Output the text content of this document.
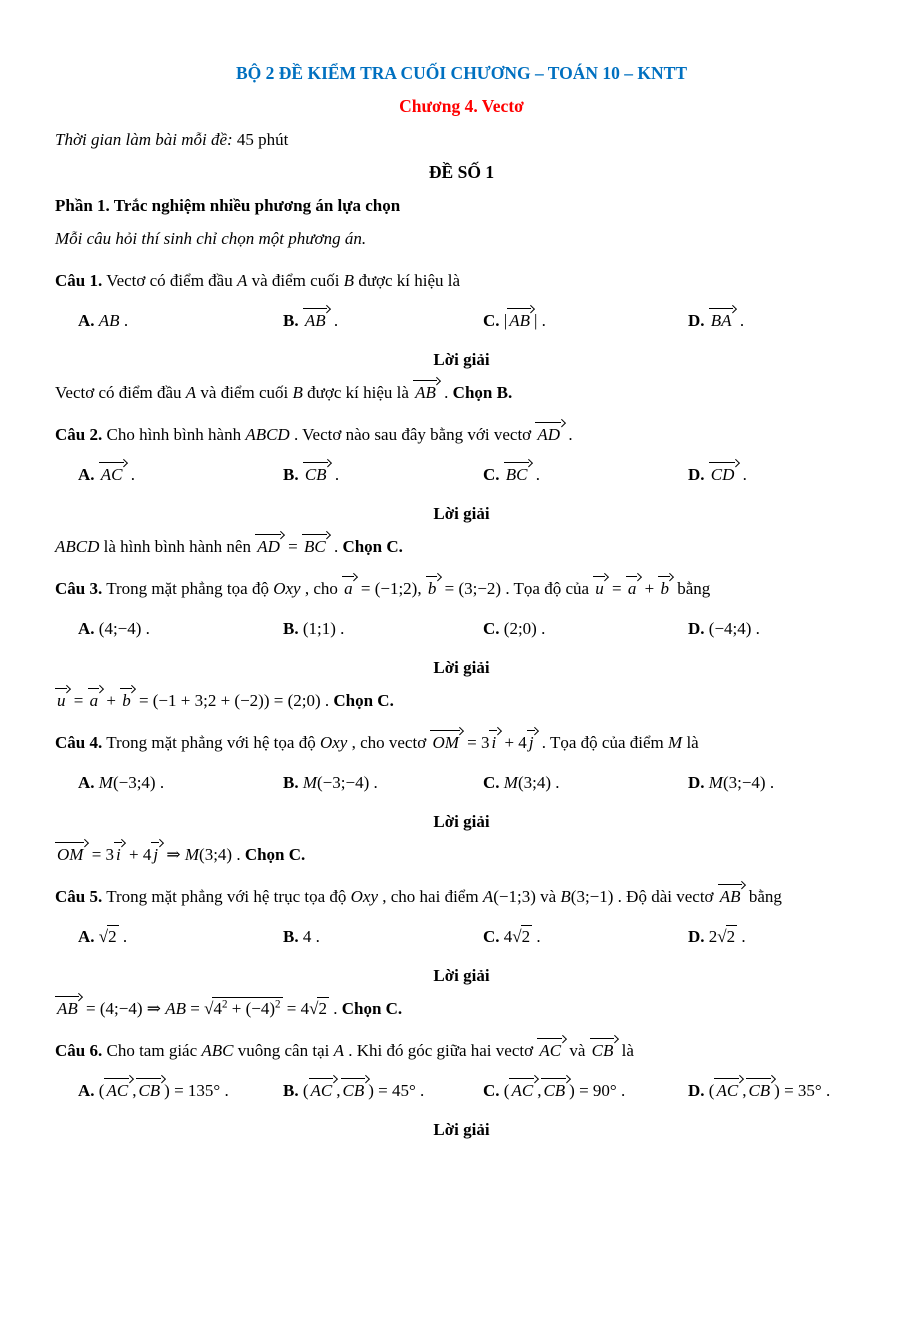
BỘ 2 ĐỀ KIỂM TRA CUỐI CHƯƠNG – TOÁN 10 – KNTT

Chương 4. Vectơ

Thời gian làm bài mỗi đề: 45 phút

ĐỀ SỐ 1

Phần 1. Trắc nghiệm nhiều phương án lựa chọn

Mỗi câu hỏi thí sinh chỉ chọn một phương án.

Câu 1. Vectơ có điểm đầu A và điểm cuối B được kí hiệu là

A. AB .	B. AB .	C. | AB | .	D. BA .

Lời giải

Vectơ có điểm đầu A và điểm cuối B được kí hiệu là AB . Chọn B.

Câu 2. Cho hình bình hành ABCD . Vectơ nào sau đây bằng với vectơ AD .

A. AC .	B. CB .	C. BC .	D. CD .

Lời giải

ABCD là hình bình hành nên AD = BC . Chọn C.

Câu 3. Trong mặt phẳng tọa độ Oxy , cho a = (−1;2), b = (3;−2) . Tọa độ của u = a + b bằng

A. (4;−4) .	B. (1;1) .	C. (2;0) .	D. (−4;4) .

Lời giải

u = a + b = (−1 + 3;2 + (−2)) = (2;0) . Chọn C.

Câu 4. Trong mặt phẳng với hệ tọa độ Oxy , cho vectơ OM = 3 i + 4 j . Tọa độ của điểm M là

A. M(−3;4) .	B. M(−3;−4) .	C. M(3;4) .	D. M(3;−4) .

Lời giải

OM = 3 i + 4 j ⇒ M(3;4) . Chọn C.

Câu 5. Trong mặt phẳng với hệ trục tọa độ Oxy , cho hai điểm A(−1;3) và B(3;−1) . Độ dài vectơ AB bằng

A. √2 .	B. 4 .	C. 4√2 .	D. 2√2 .

Lời giải

AB = (4;−4) ⇒ AB = $√4^2 + (-4)^2 = 4√2$ . Chọn C.

Câu 6. Cho tam giác ABC vuông cân tại A . Khi đó góc giữa hai vectơ AC và CB là

A. ( AC , CB ) = 135° .	B. ( AC , CB ) = 45° .	C. ( AC , CB ) = 90° .	D. ( AC , CB ) = 35° .

Lời giải
